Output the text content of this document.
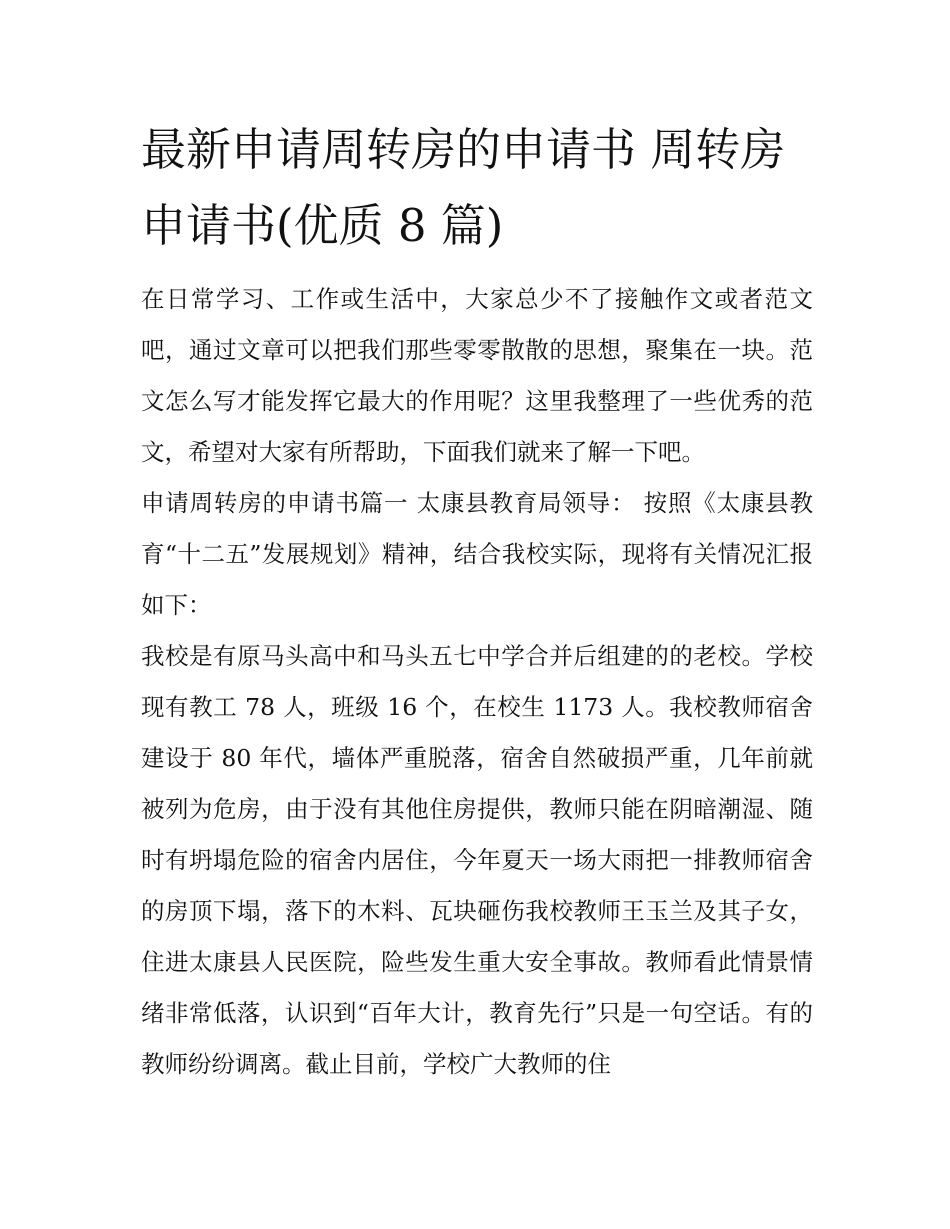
最新申请周转房的申请书 周转房申请书(优质 8 篇)

在日常学习、工作或生活中，大家总少不了接触作文或者范文吧，通过文章可以把我们那些零零散散的思想，聚集在一块。范文怎么写才能发挥它最大的作用呢？这里我整理了一些优秀的范文，希望对大家有所帮助，下面我们就来了解一下吧。

申请周转房的申请书篇一 太康县教育局领导： 按照《太康县教育“十二五”发展规划》精神，结合我校实际，现将有关情况汇报如下：

我校是有原马头高中和马头五七中学合并后组建的的老校。学校现有教工 78 人，班级 16 个，在校生 1173 人。我校教师宿舍建设于 80 年代，墙体严重脱落，宿舍自然破损严重，几年前就被列为危房，由于没有其他住房提供，教师只能在阴暗潮湿、随时有坍塌危险的宿舍内居住，今年夏天一场大雨把一排教师宿舍的房顶下塌，落下的木料、瓦块砸伤我校教师王玉兰及其子女，住进太康县人民医院，险些发生重大安全事故。教师看此情景情绪非常低落，认识到“百年大计，教育先行”只是一句空话。有的教师纷纷调离。截止目前，学校广大教师的住
